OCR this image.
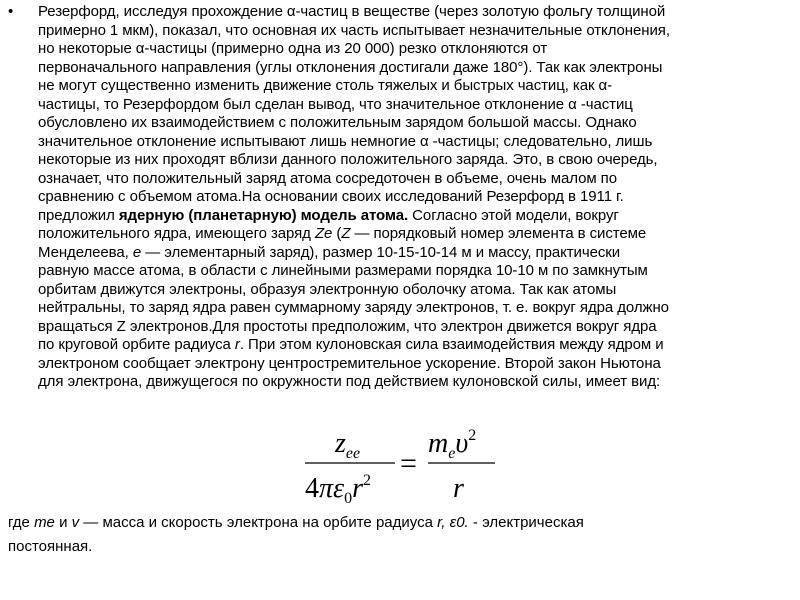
• Резерфорд, исследуя прохождение α-частиц в веществе (через золотую фольгу толщиной
примерно 1 мкм), показал, что основная их часть испытывает незначительные отклонения,
но некоторые α-частицы (примерно одна из 20 000) резко отклоняются от
первоначального направления (углы отклонения достигали даже 180°). Так как электроны
не могут существенно изменить движение столь тяжелых и быстрых частиц, как α-
частицы, то Резерфордом был сделан вывод, что значительное отклонение α -частиц
обусловлено их взаимодействием с положительным зарядом большой массы. Однако
значительное отклонение испытывают лишь немногие α -частицы; следовательно, лишь
некоторые из них проходят вблизи данного положительного заряда. Это, в свою очередь,
означает, что положительный заряд атома сосредоточен в объеме, очень малом по
сравнению с объемом атома.На основании своих исследований Резерфорд в 1911 г.
предложил ядерную (планетарную) модель атома. Согласно этой модели, вокруг
положительного ядра, имеющего заряд Ze (Z — порядковый номер элемента в системе
Менделеева, е — элементарный заряд), размер 10-15-10-14 м и массу, практически
равную массе атома, в области с линейными размерами порядка 10-10 м по замкнутым
орбитам движутся электроны, образуя электронную оболочку атома. Так как атомы
нейтральны, то заряд ядра равен суммарному заряду электронов, т. е. вокруг ядра должно
вращаться Z электронов.Для простоты предположим, что электрон движется вокруг ядра
по круговой орбите радиуса r. При этом кулоновская сила взаимодействия между ядром и
электроном сообщает электрону центростремительное ускорение. Второй закон Ньютона
для электрона, движущегося по окружности под действием кулоновской силы, имеет вид:
$z_{ee}$
$4\pi\varepsilon_0r^2$
=
$m_e\upsilon^2$
r
где me и v — масса и скорость электрона на орбите радиуса r, ε0. - электрическая
постоянная.
